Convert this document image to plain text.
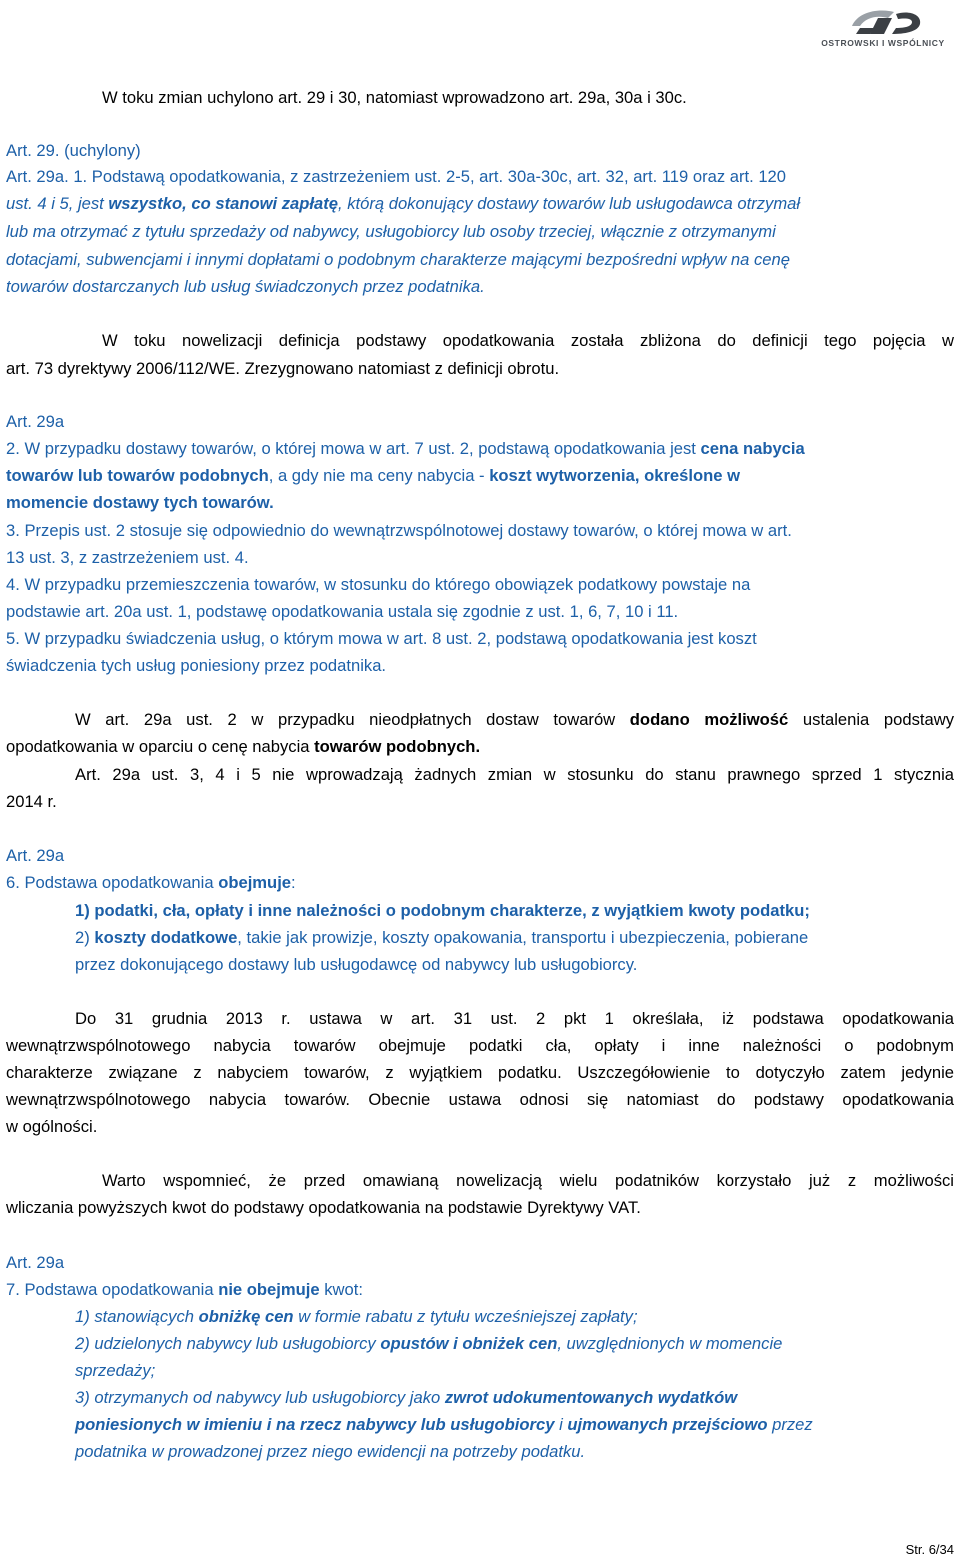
OSTROWSKI I WSPÓLNICY
W toku zmian uchylono art. 29 i 30, natomiast wprowadzono art. 29a, 30a i 30c.
Art. 29. (uchylony)
Art. 29a. 1. Podstawą opodatkowania, z zastrzeżeniem ust. 2-5, art. 30a-30c, art. 32, art. 119 oraz art. 120
ust. 4 i 5, jest wszystko, co stanowi zapłatę, którą dokonujący dostawy towarów lub usługodawca otrzymał
lub ma otrzymać z tytułu sprzedaży od nabywcy, usługobiorcy lub osoby trzeciej, włącznie z otrzymanymi
dotacjami, subwencjami i innymi dopłatami o podobnym charakterze mającymi bezpośredni wpływ na cenę
towarów dostarczanych lub usług świadczonych przez podatnika.
W toku nowelizacji definicja podstawy opodatkowania została zbliżona do definicji tego pojęcia w
art. 73 dyrektywy 2006/112/WE. Zrezygnowano natomiast z definicji obrotu.
Art. 29a
2. W przypadku dostawy towarów, o której mowa w art. 7 ust. 2, podstawą opodatkowania jest cena nabycia
towarów lub towarów podobnych, a gdy nie ma ceny nabycia - koszt wytworzenia, określone w
momencie dostawy tych towarów.
3. Przepis ust. 2 stosuje się odpowiednio do wewnątrzwspólnotowej dostawy towarów, o której mowa w art.
13 ust. 3, z zastrzeżeniem ust. 4.
4. W przypadku przemieszczenia towarów, w stosunku do którego obowiązek podatkowy powstaje na
podstawie art. 20a ust. 1, podstawę opodatkowania ustala się zgodnie z ust. 1, 6, 7, 10 i 11.
5. W przypadku świadczenia usług, o którym mowa w art. 8 ust. 2, podstawą opodatkowania jest koszt
świadczenia tych usług poniesiony przez podatnika.
W art. 29a ust. 2 w przypadku nieodpłatnych dostaw towarów dodano możliwość ustalenia podstawy
opodatkowania w oparciu o cenę nabycia towarów podobnych.
Art. 29a ust. 3, 4 i 5 nie wprowadzają żadnych zmian w stosunku do stanu prawnego sprzed 1 stycznia
2014 r.
Art. 29a
6. Podstawa opodatkowania obejmuje:
1) podatki, cła, opłaty i inne należności o podobnym charakterze, z wyjątkiem kwoty podatku;
2) koszty dodatkowe, takie jak prowizje, koszty opakowania, transportu i ubezpieczenia, pobierane
przez dokonującego dostawy lub usługodawcę od nabywcy lub usługobiorcy.
Do 31 grudnia 2013 r. ustawa w art. 31 ust. 2 pkt 1 określała, iż podstawa opodatkowania
wewnątrzwspólnotowego nabycia towarów obejmuje podatki cła, opłaty i inne należności o podobnym
charakterze związane z nabyciem towarów, z wyjątkiem podatku. Uszczegółowienie to dotyczyło zatem jedynie
wewnątrzwspólnotowego nabycia towarów. Obecnie ustawa odnosi się natomiast do podstawy opodatkowania
w ogólności.
Warto wspomnieć, że przed omawianą nowelizacją wielu podatników korzystało już z możliwości
wliczania powyższych kwot do podstawy opodatkowania na podstawie Dyrektywy VAT.
Art. 29a
7. Podstawa opodatkowania nie obejmuje kwot:
1) stanowiących obniżkę cen w formie rabatu z tytułu wcześniejszej zapłaty;
2) udzielonych nabywcy lub usługobiorcy opustów i obniżek cen, uwzględnionych w momencie
sprzedaży;
3) otrzymanych od nabywcy lub usługobiorcy jako zwrot udokumentowanych wydatków
poniesionych w imieniu i na rzecz nabywcy lub usługobiorcy i ujmowanych przejściowo przez
podatnika w prowadzonej przez niego ewidencji na potrzeby podatku.
Str. 6/34
